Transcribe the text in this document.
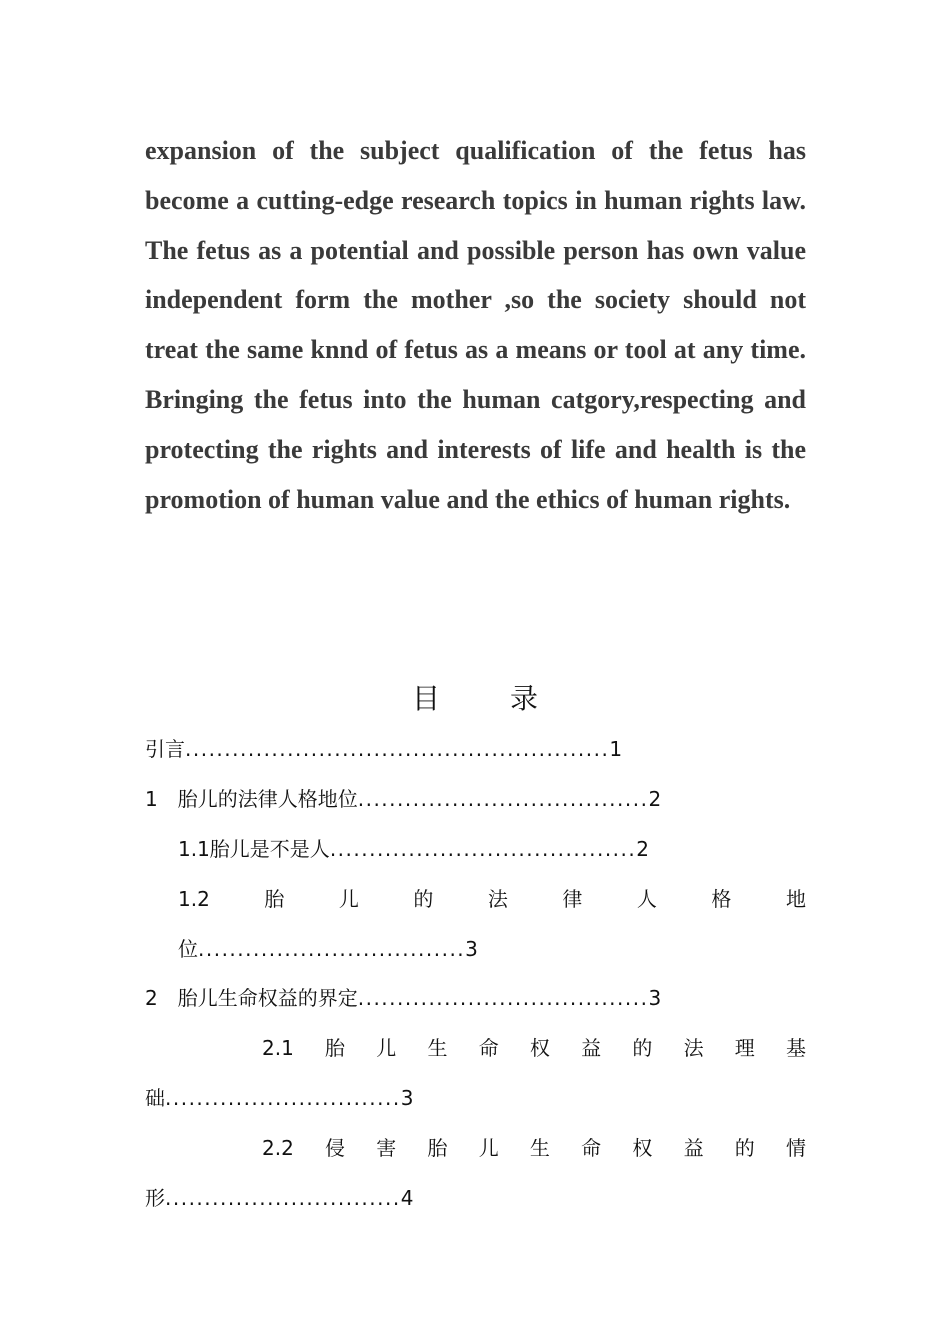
expansion of the subject qualification of the fetus has become a cutting-edge research topics in human rights law. The fetus as a potential and possible person has own value independent form the mother ,so the society should not treat the same knnd of fetus as a means or tool at any time. Bringing the fetus into the human catgory,respecting and protecting the rights and interests of life and health is the promotion of human value and the ethics of human rights.

目	录
引言......................................................1
1　胎儿的法律人格地位.....................................2
1.1胎儿是不是人.......................................2
1.2	胎	儿	的	法	律	人	格	地
位..................................3
2　胎儿生命权益的界定.....................................3
2.1 胎 儿 生 命 权 益 的 法 理 基
础..............................3
2.2 侵 害 胎 儿 生 命 权 益 的 情
形..............................4
